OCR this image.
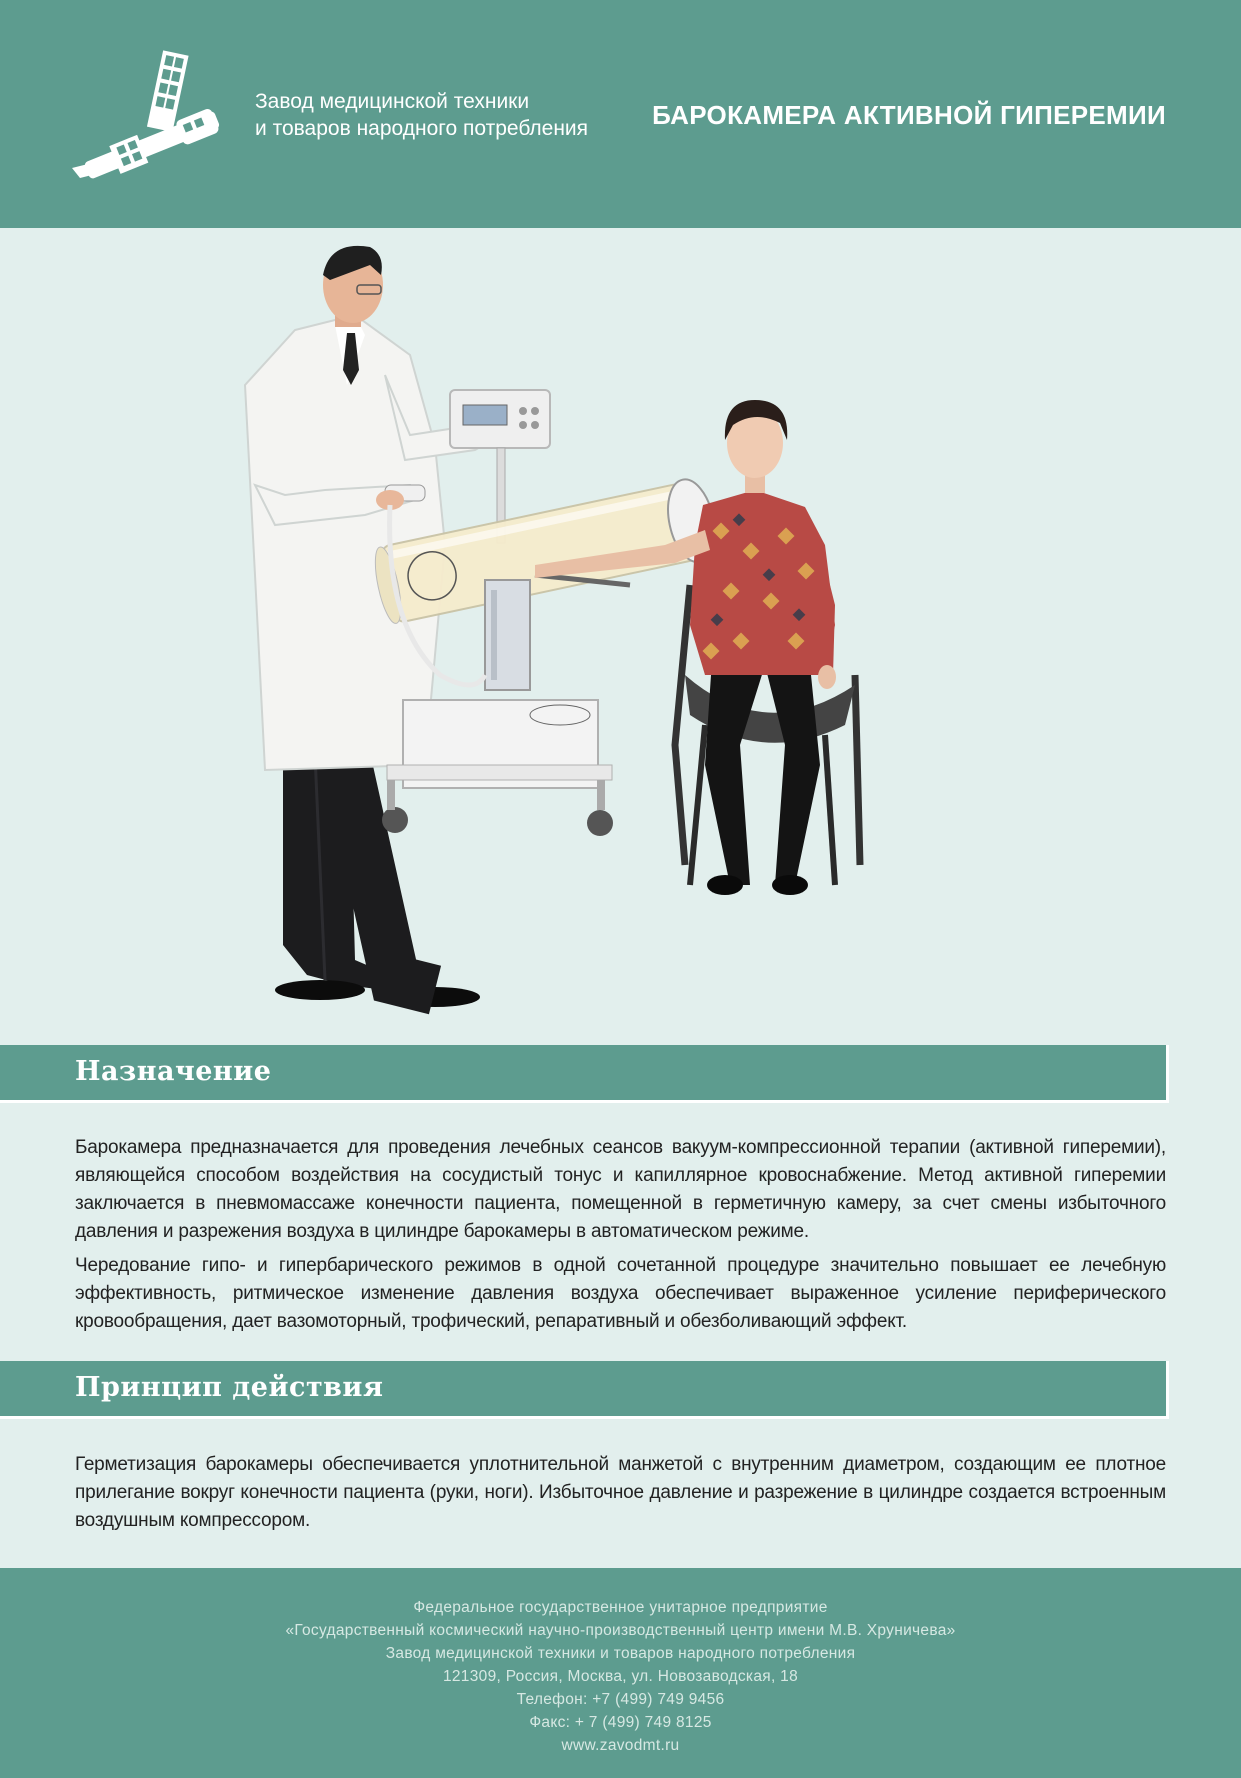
Завод медицинской техники
и товаров народного потребления БАРОКАМЕРА АКТИВНОЙ ГИПЕРЕМИИ
Назначение

Барокамера предназначается для проведения лечебных сеансов вакуум-компрессионной терапии (активной гиперемии), являющейся способом воздействия на сосудистый тонус и капиллярное кровоснабжение. Метод активной гиперемии заключается в пневмомассаже конечности пациента, помещенной в герметичную камеру, за счет смены избыточного давления и разрежения воздуха в цилиндре барокамеры в автоматическом режиме.

Чередование гипо- и гипербарического режимов в одной сочетанной процедуре значительно повышает ее лечебную эффективность, ритмическое изменение давления воздуха обеспечивает выраженное усиление периферического кровообращения, дает вазомоторный, трофический, репаративный и обезболивающий эффект.

Принцип действия

Герметизация барокамеры обеспечивается уплотнительной манжетой с внутренним диаметром, создающим ее плотное прилегание вокруг конечности пациента (руки, ноги). Избыточное давление и разрежение в цилиндре создается встроенным воздушным компрессором.

Федеральное государственное унитарное предприятие
«Государственный космический научно-производственный центр имени М.В. Хруничева»
Завод медицинской техники и товаров народного потребления
121309, Россия, Москва, ул. Новозаводская, 18
Телефон: +7 (499) 749 9456
Факс: + 7 (499) 749 8125
www.zavodmt.ru
